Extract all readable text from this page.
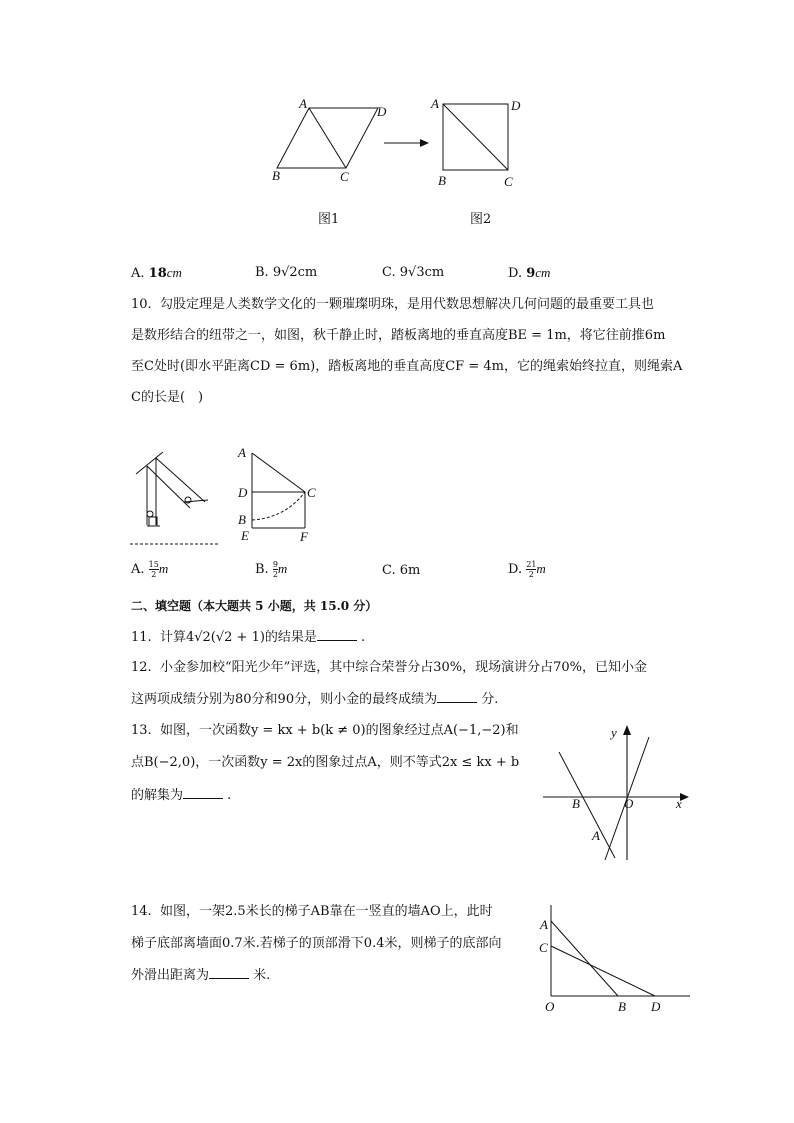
A
B	C
D
A
B	C
D
图1	图2
A. 18cm	B. 9√2cm	C. 9√3cm	D. 9cm
10. 勾股定理是人类数学文化的一颗璀璨明珠，是用代数思想解决几何问题的最重要工具也
是数形结合的纽带之一，如图，秋千静止时，踏板离地的垂直高度BE = 1m，将它往前推6m
至C处时(即水平距离CD = 6m)，踏板离地的垂直高度CF = 4m，它的绳索始终拉直，则绳索A
C的长是(　)
A
D	C
B
E	F
A. $\frac{15}{2}$ m	B. $\frac{9}{2}$ m	C. 6m	D. $\frac{21}{2}$ m
二、填空题（本大题共 5 小题，共 15.0 分）
11. 计算4√2(√2 + 1)的结果是	.
12. 小金参加校“阳光少年”评选，其中综合荣誉分占30%，现场演讲分占70%，已知小金
这两项成绩分别为80分和90分，则小金的最终成绩为	分.
13. 如图，一次函数y = kx + b(k ≠ 0)的图象经过点A(−1,−2)和
点B(−2,0)，一次函数y = 2x的图象过点A，则不等式2x ≤ kx + b
的解集为	.
y
x
B	O
A
14. 如图，一架2.5米长的梯子AB靠在一竖直的墙AO上，此时
梯子底部离墙面0.7米.若梯子的顶部滑下0.4米，则梯子的底部向
外滑出距离为	米.
A
C
O	B D
